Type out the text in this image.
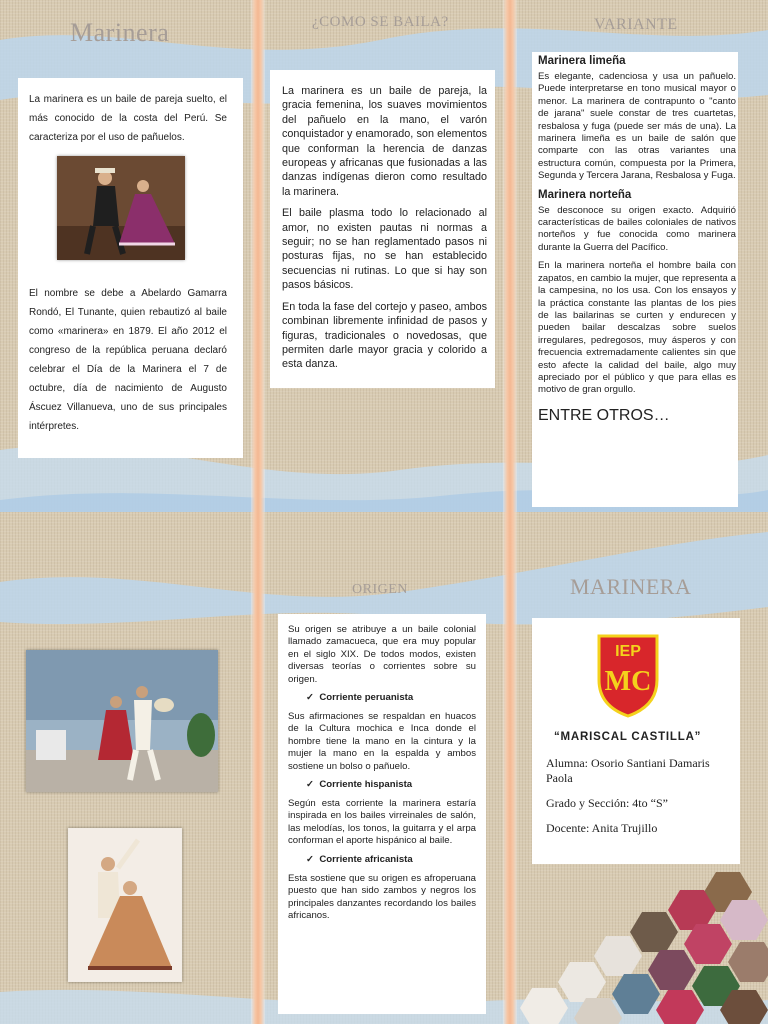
Marinera
La marinera es un baile de pareja suelto, el más conocido de la costa del Perú. Se caracteriza por el uso de pañuelos.
El nombre se debe a Abelardo Gamarra Rondó, El Tunante, quien rebautizó al baile como «marinera» en 1879. El año 2012 el congreso de la república peruana declaró celebrar el Día de la Marinera el 7 de octubre, día de nacimiento de Augusto Áscuez Villanueva, uno de sus principales intérpretes.
¿COMO SE BAILA?

La marinera es un baile de pareja, la gracia femenina, los suaves movimientos del pañuelo en la mano, el varón conquistador y enamorado, son elementos que conforman la herencia de danzas europeas y africanas que fusionadas a las danzas indígenas dieron como resultado la marinera.

El baile plasma todo lo relacionado al amor, no existen pautas ni normas a seguir; no se han reglamentado pasos ni posturas fijas, no se han establecido secuencias ni rutinas. Lo que si hay son pasos básicos.

En toda la fase del cortejo y paseo, ambos combinan libremente infinidad de pasos y figuras, tradicionales o novedosas, que permiten darle mayor gracia y colorido a esta danza.

VARIANTE
Marinera limeña
Es elegante, cadenciosa y usa un pañuelo. Puede interpretarse en tono musical mayor o menor. La marinera de contrapunto o "canto de jarana" suele constar de tres cuartetas, resbalosa y fuga (puede ser más de una). La marinera limeña es un baile de salón que comparte con las otras variantes una estructura común, compuesta por la Primera, Segunda y Tercera Jarana, Resbalosa y Fuga.
Marinera norteña
Se desconoce su origen exacto. Adquirió características de bailes coloniales de nativos norteños y fue conocida como marinera durante la Guerra del Pacífico.
En la marinera norteña el hombre baila con zapatos, en cambio la mujer, que representa a la campesina, no los usa. Con los ensayos y la práctica constante las plantas de los pies de las bailarinas se curten y endurecen y pueden bailar descalzas sobre suelos irregulares, pedregosos, muy ásperos y con frecuencia extremadamente calientes sin que esto afecte la calidad del baile, algo muy apreciado por el público y que para ellas es motivo de gran orgullo.
ENTRE OTROS…
ORIGEN
Su origen se atribuye a un baile colonial llamado zamacueca, que era muy popular en el siglo XIX. De todos modos, existen diversas teorías o corrientes sobre su origen.
✓  Corriente peruanista
Sus afirmaciones se respaldan en huacos de la Cultura mochica e Inca donde el hombre tiene la mano en la cintura y la mujer la mano en la espalda y ambos sostiene un bolso o pañuelo.
✓  Corriente hispanista
Según esta corriente la marinera estaría inspirada en los bailes virreinales de salón, las melodías, los tonos, la guitarra y el arpa conforman el aporte hispánico al baile.
✓  Corriente africanista
Esta sostiene que su origen es afroperuana puesto que han sido zambos y negros los principales danzantes recordando los bailes africanos.
MARINERA
IEP
MC
“MARISCAL CASTILLA”
Alumna: Osorio Santiani Damaris Paola
Grado y Sección: 4to “S”
Docente: Anita Trujillo
